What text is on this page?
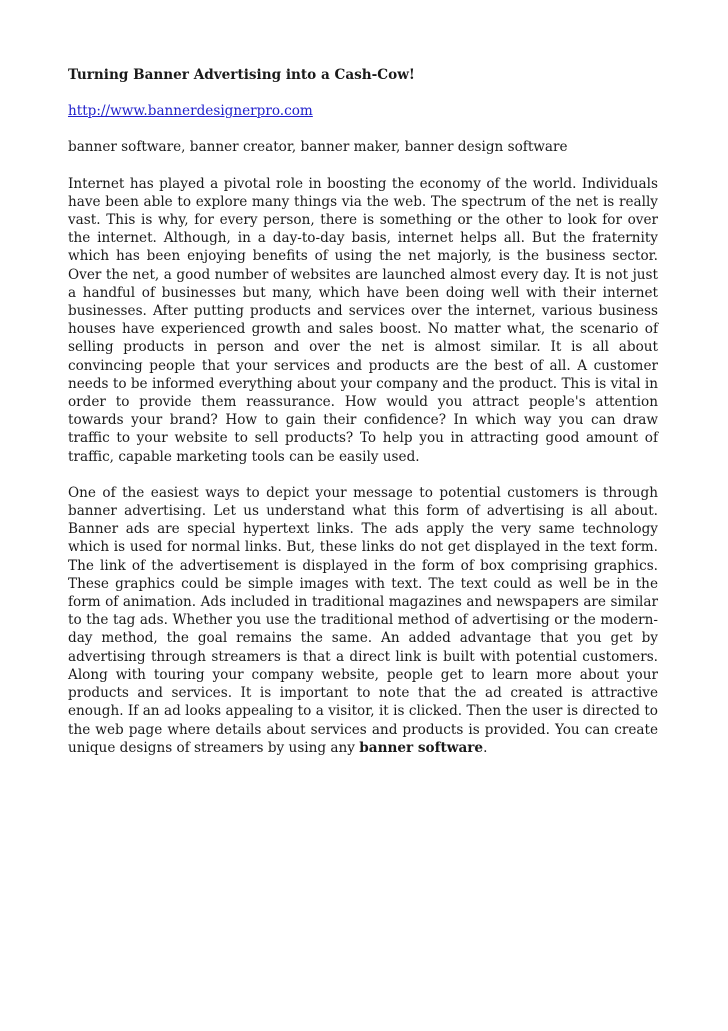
Turning Banner Advertising into a Cash-Cow!

http://www.bannerdesignerpro.com

banner software, banner creator, banner maker, banner design software

Internet has played a pivotal role in boosting the economy of the world. Individuals have been able to explore many things via the web. The spectrum of the net is really vast. This is why, for every person, there is something or the other to look for over the internet. Although, in a day-to-day basis, internet helps all. But the fraternity which has been enjoying benefits of using the net majorly, is the business sector. Over the net, a good number of websites are launched almost every day. It is not just a handful of businesses but many, which have been doing well with their internet businesses. After putting products and services over the internet, various business houses have experienced growth and sales boost. No matter what, the scenario of selling products in person and over the net is almost similar. It is all about convincing people that your services and products are the best of all. A customer needs to be informed everything about your company and the product. This is vital in order to provide them reassurance. How would you attract people's attention towards your brand? How to gain their confidence? In which way you can draw traffic to your website to sell products? To help you in attracting good amount of traffic, capable marketing tools can be easily used.

One of the easiest ways to depict your message to potential customers is through banner advertising. Let us understand what this form of advertising is all about. Banner ads are special hypertext links. The ads apply the very same technology which is used for normal links. But, these links do not get displayed in the text form. The link of the advertisement is displayed in the form of box comprising graphics. These graphics could be simple images with text. The text could as well be in the form of animation. Ads included in traditional magazines and newspapers are similar to the tag ads. Whether you use the traditional method of advertising or the modern-day method, the goal remains the same. An added advantage that you get by advertising through streamers is that a direct link is built with potential customers. Along with touring your company website, people get to learn more about your products and services. It is important to note that the ad created is attractive enough. If an ad looks appealing to a visitor, it is clicked. Then the user is directed to the web page where details about services and products is provided. You can create unique designs of streamers by using any banner software.
